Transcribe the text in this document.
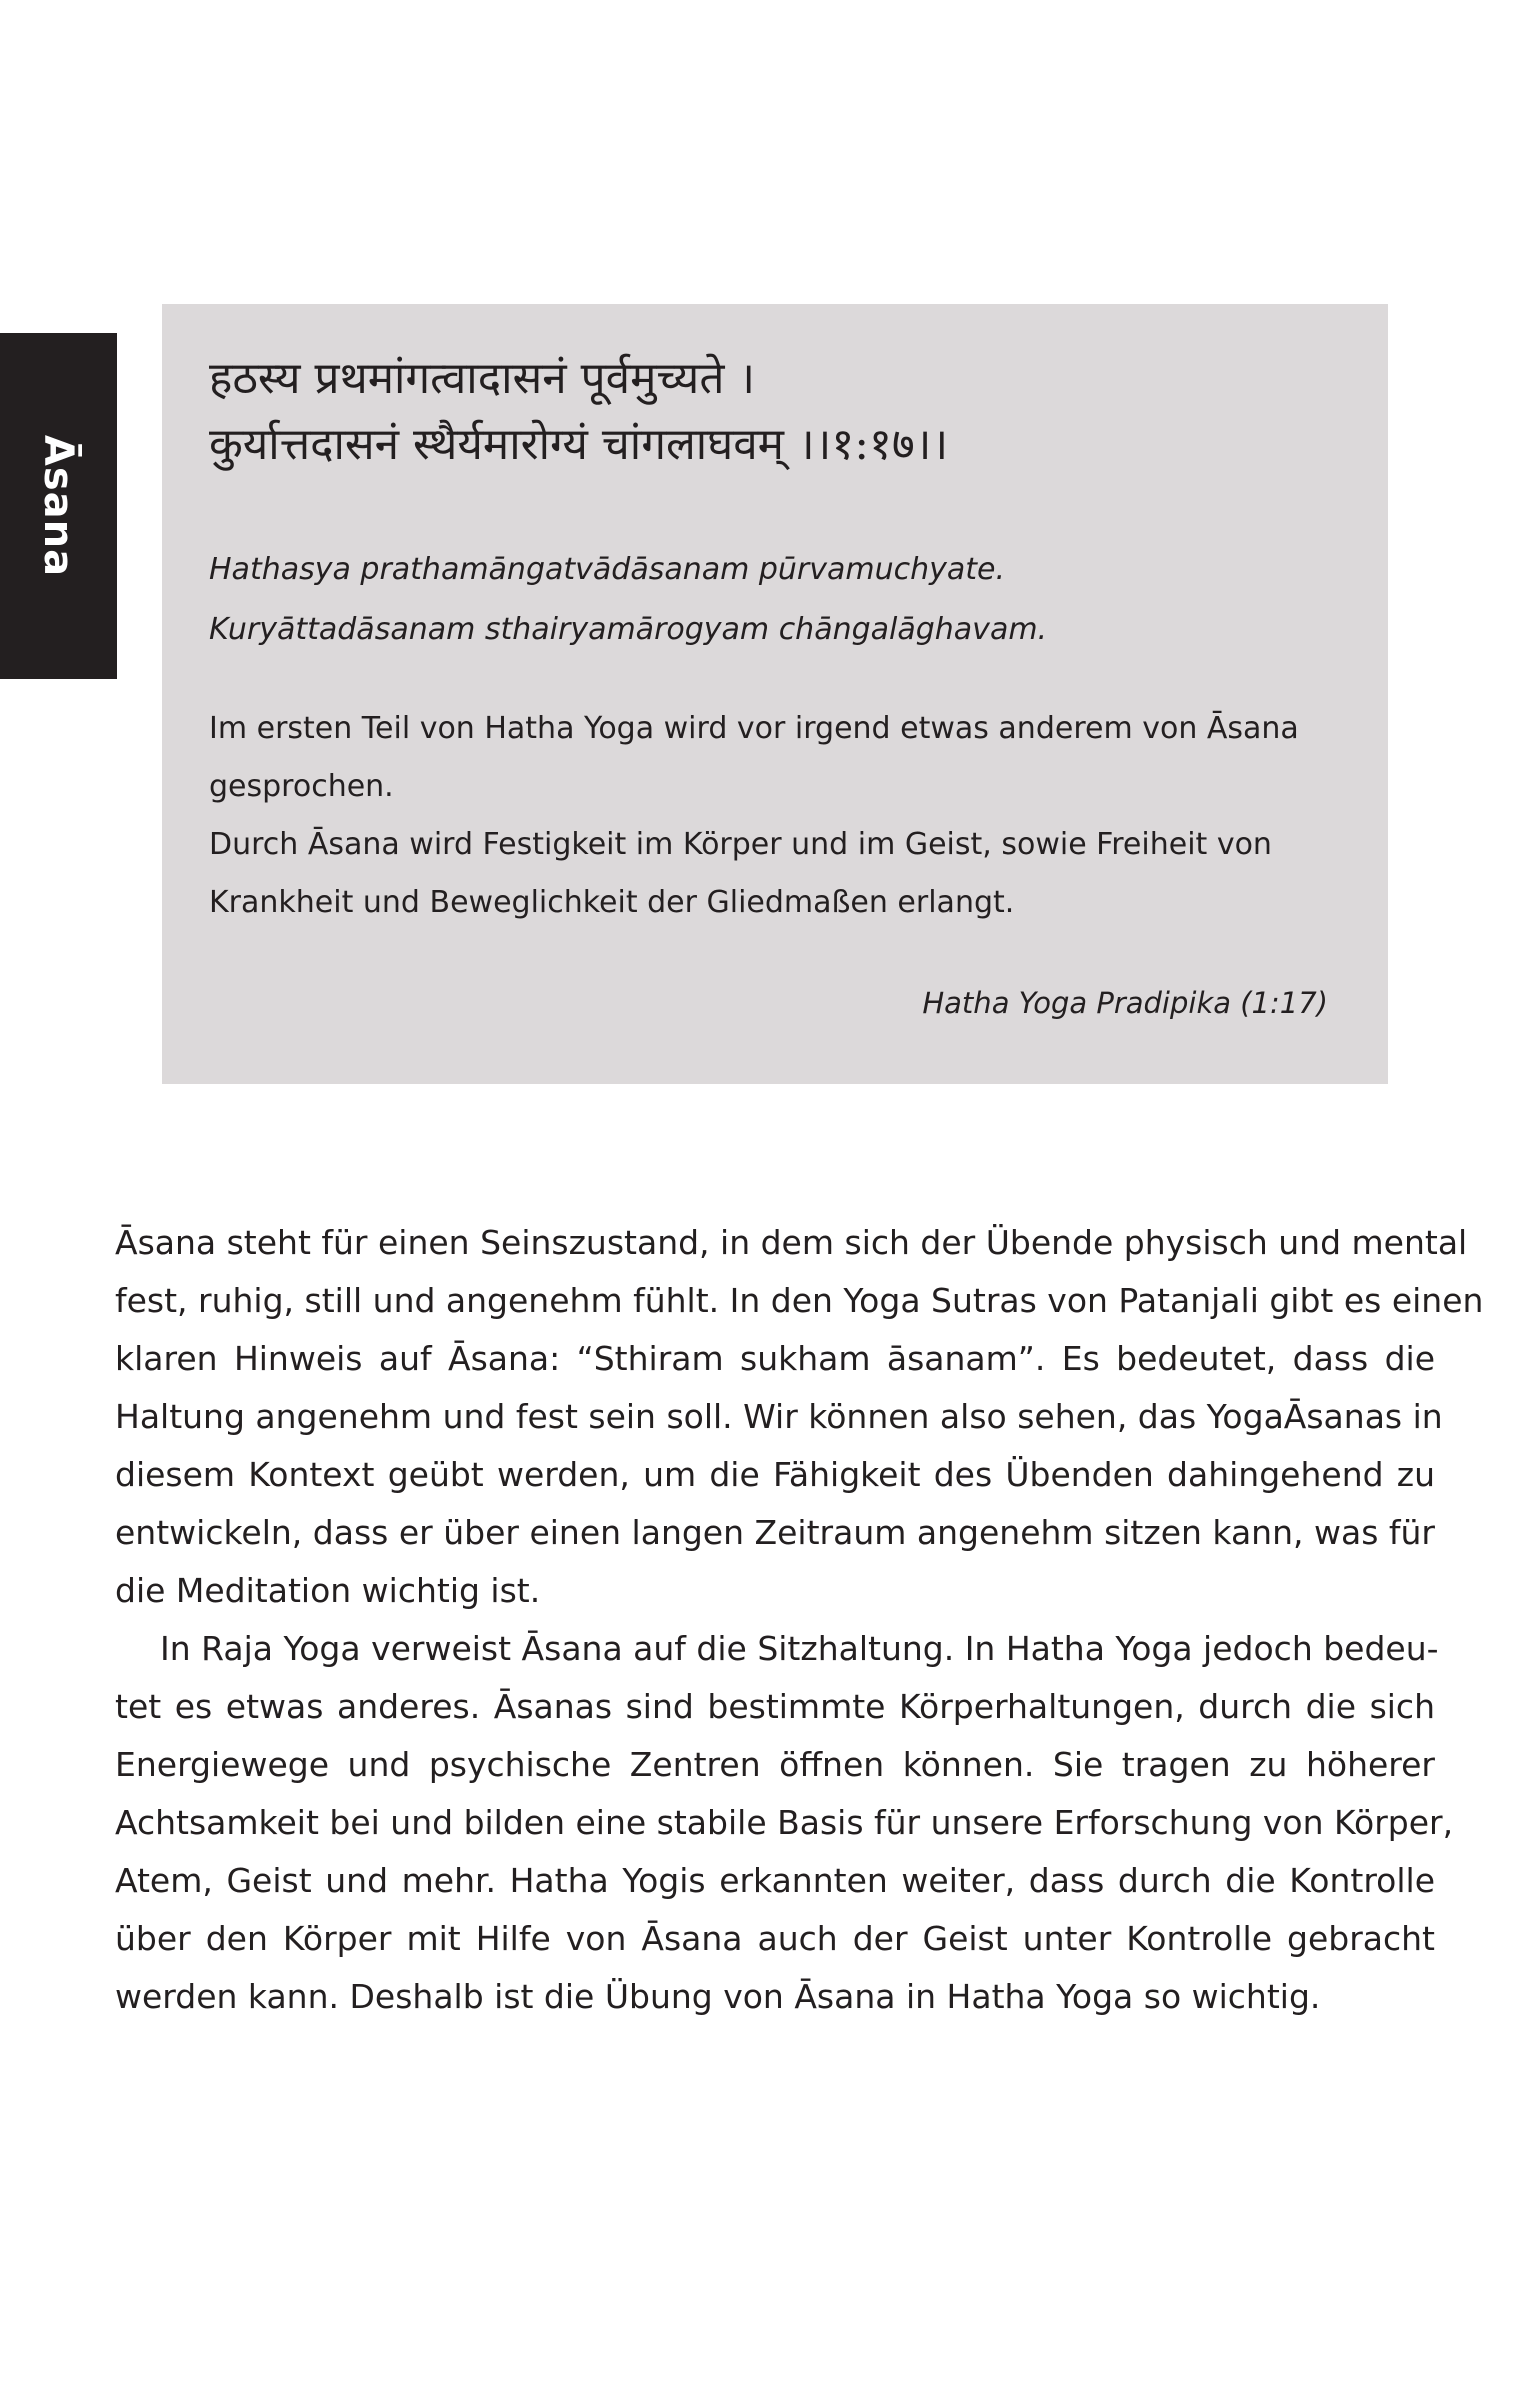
Āsana
हठस्य प्रथमांगत्वादासनं पूर्वमुच्यते ।
कुर्यात्तदासनं स्थैर्यमारोग्यं चांगलाघवम् ।।१:१७।।
Hathasya prathamāngatvādāsanam pūrvamuchyate.
Kuryāttadāsanam sthairyamārogyam chāngalāghavam.
Im ersten Teil von Hatha Yoga wird vor irgend etwas anderem von Āsana
gesprochen.
Durch Āsana wird Festigkeit im Körper und im Geist, sowie Freiheit von
Krankheit und Beweglichkeit der Gliedmaßen erlangt.
Hatha Yoga Pradipika (1:17)
Āsana steht für einen Seinszustand, in dem sich der Übende physisch und mental
fest, ruhig, still und angenehm fühlt. In den Yoga Sutras von Patanjali gibt es einen
klaren Hinweis auf Āsana: “Sthiram sukham āsanam”. Es bedeutet, dass die
Haltung angenehm und fest sein soll. Wir können also sehen, das YogaĀsanas in
diesem Kontext geübt werden, um die Fähigkeit des Übenden dahingehend zu
entwickeln, dass er über einen langen Zeitraum angenehm sitzen kann, was für
die Meditation wichtig ist.
In Raja Yoga verweist Āsana auf die Sitzhaltung. In Hatha Yoga jedoch bedeu-
tet es etwas anderes. Āsanas sind bestimmte Körperhaltungen, durch die sich
Energiewege und psychische Zentren öffnen können. Sie tragen zu höherer
Achtsamkeit bei und bilden eine stabile Basis für unsere Erforschung von Körper,
Atem, Geist und mehr. Hatha Yogis erkannten weiter, dass durch die Kontrolle
über den Körper mit Hilfe von Āsana auch der Geist unter Kontrolle gebracht
werden kann. Deshalb ist die Übung von Āsana in Hatha Yoga so wichtig.
